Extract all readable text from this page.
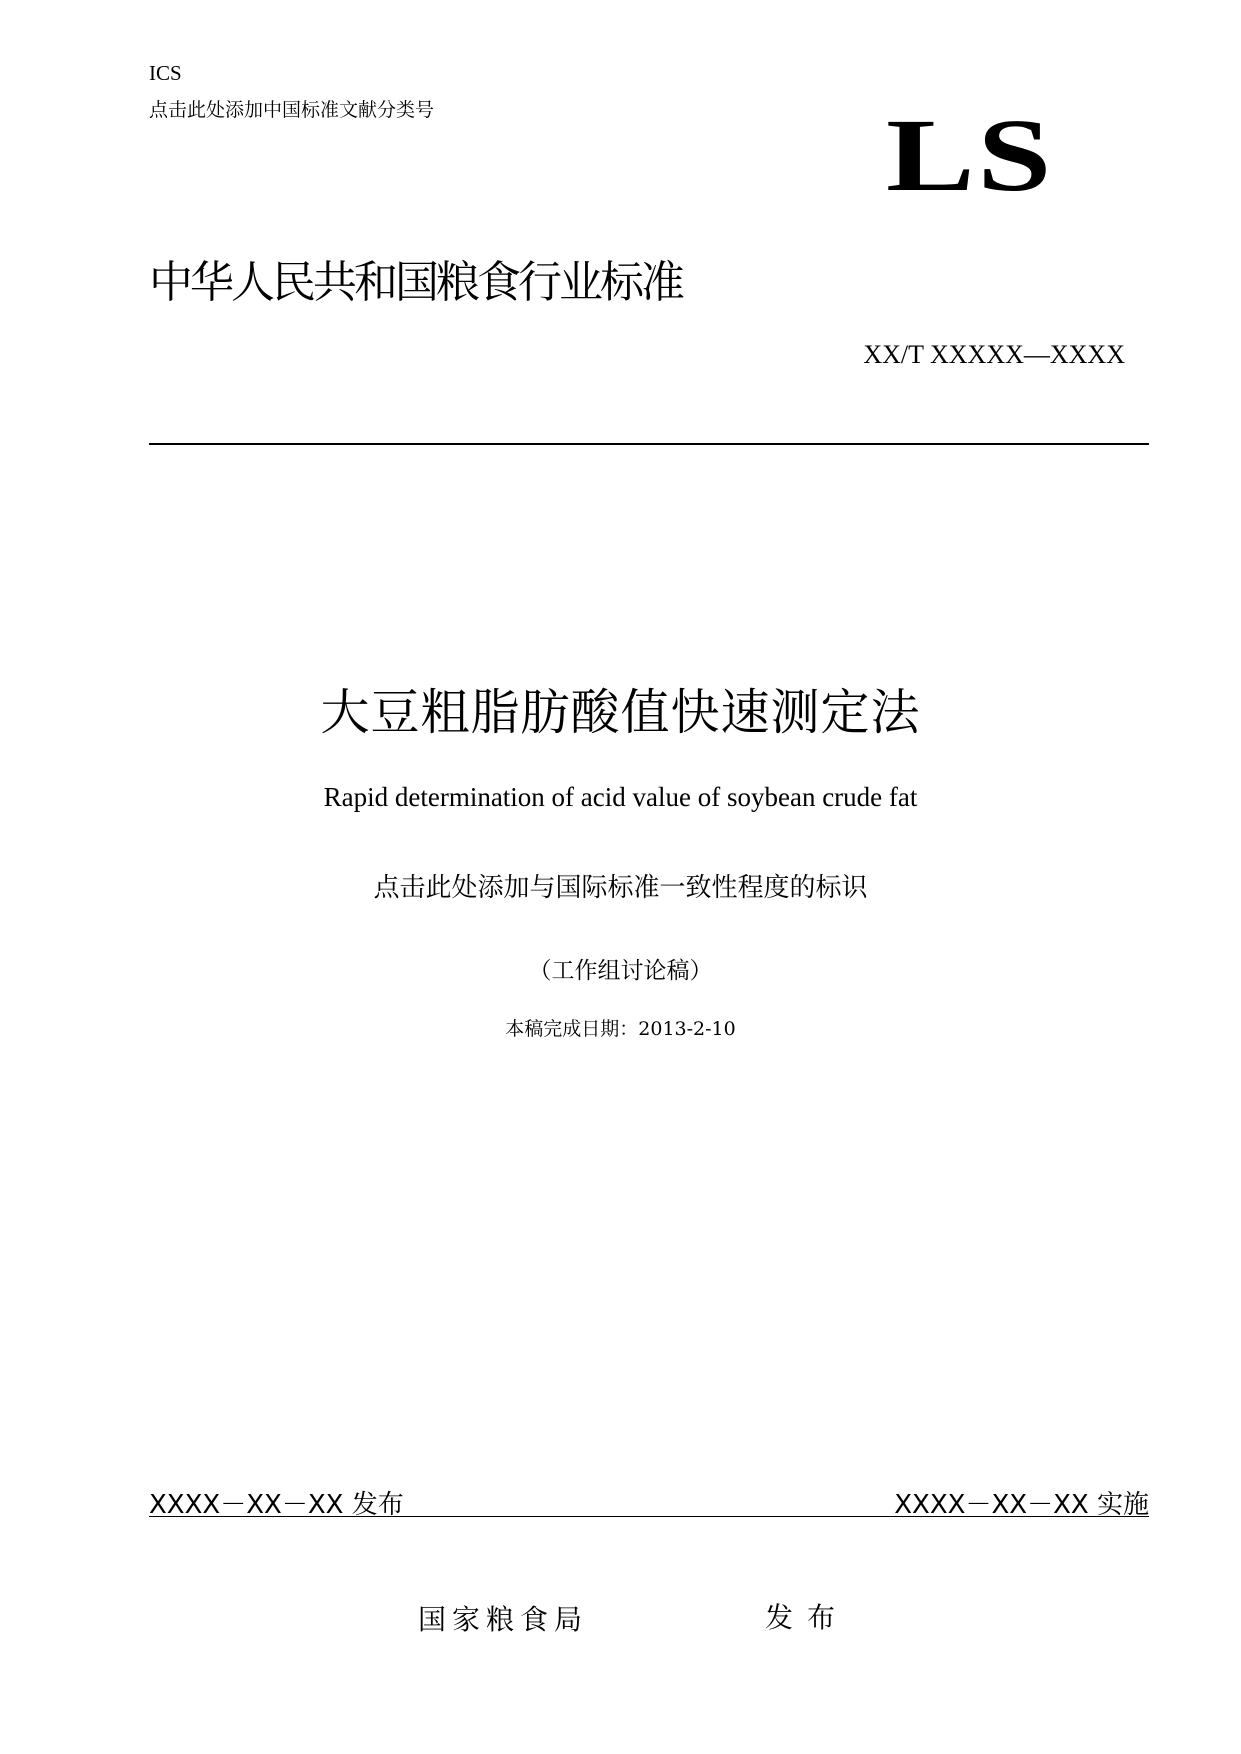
ICS
点击此处添加中国标准文献分类号	LS
中华人民共和国粮食行业标准
XX/T XXXXX—XXXX
大豆粗脂肪酸值快速测定法
Rapid determination of acid value of soybean crude fat
点击此处添加与国际标准一致性程度的标识
（工作组讨论稿）
本稿完成日期：2013-2-10
XXXX－XX－XX 发布	XXXX－XX－XX 实施
国家粮食局	发布
